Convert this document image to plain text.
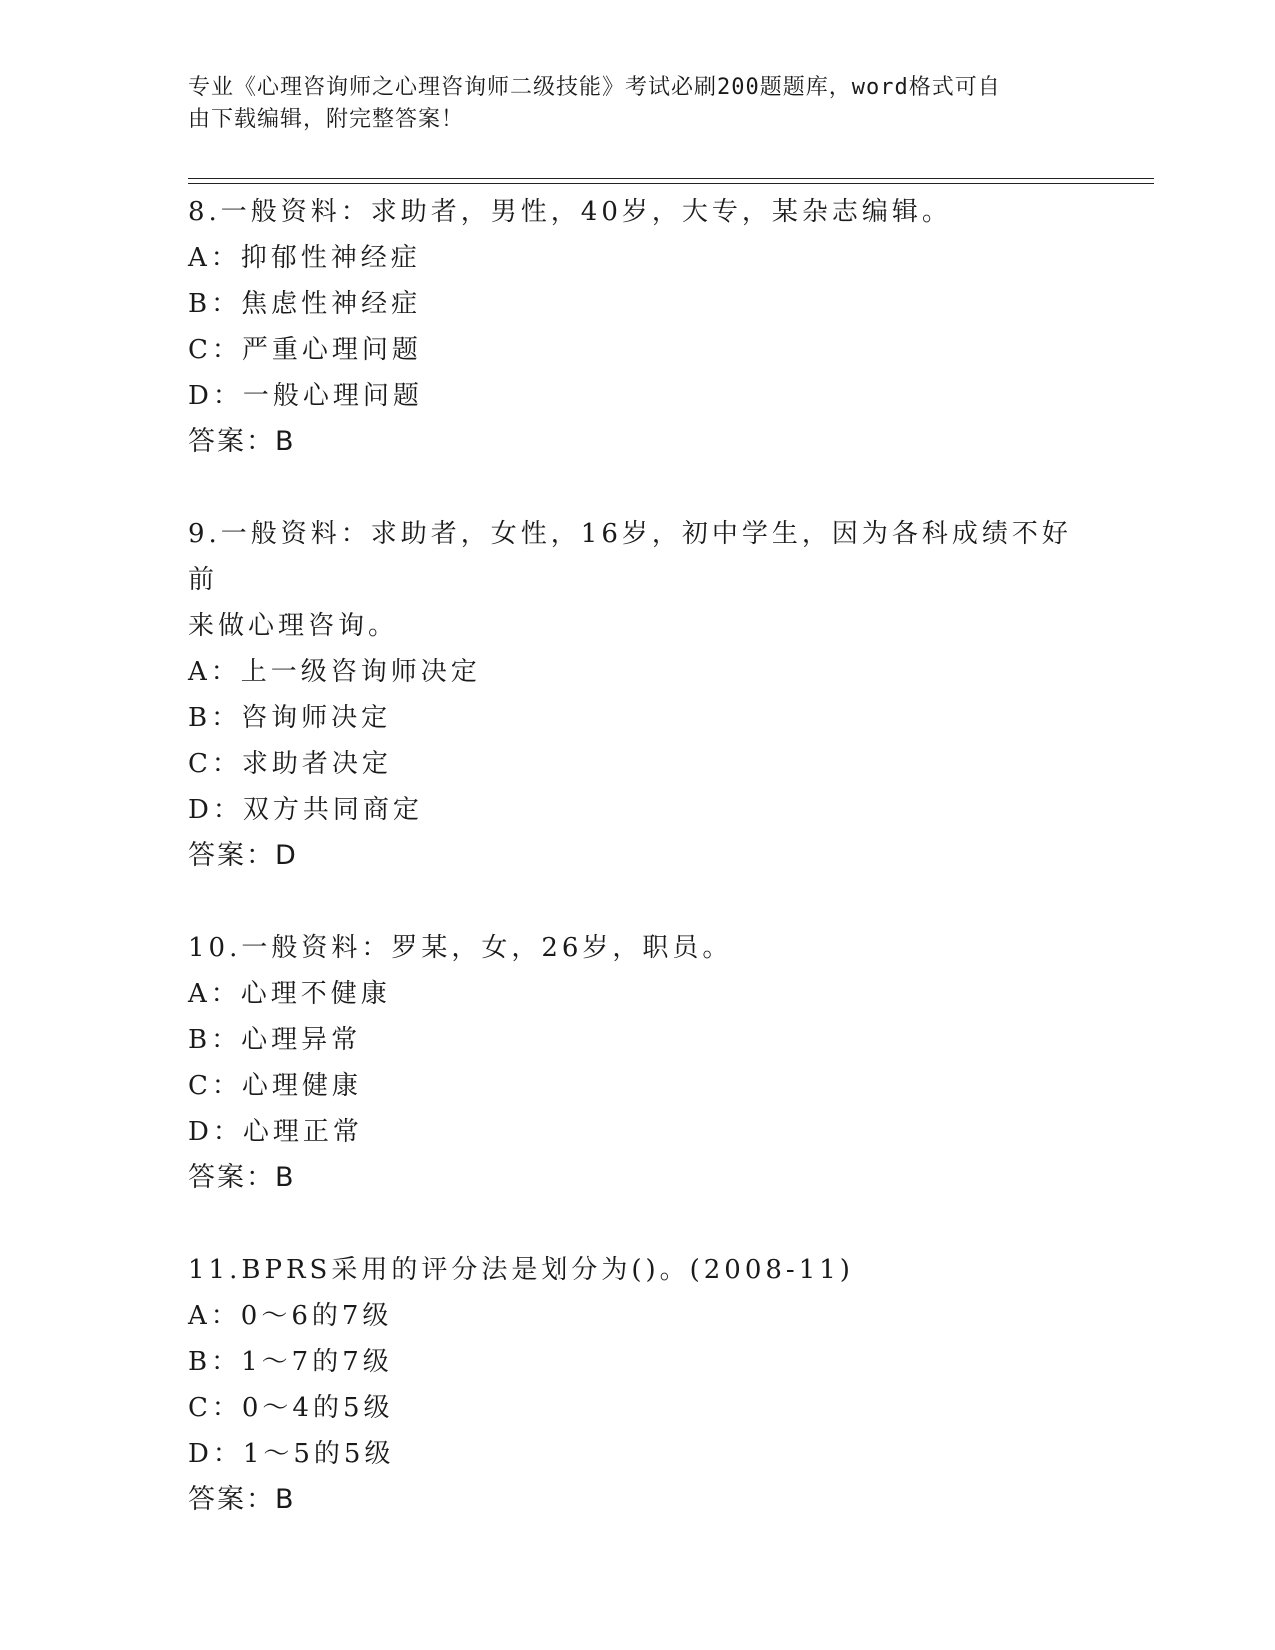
专业《心理咨询师之心理咨询师二级技能》考试必刷200题题库，word格式可自
由下载编辑，附完整答案！

8.一般资料：求助者，男性，40岁，大专，某杂志编辑。

A：抑郁性神经症

B：焦虑性神经症

C：严重心理问题

D：一般心理问题

答案：B

9.一般资料：求助者，女性，16岁，初中学生，因为各科成绩不好前

来做心理咨询。

A：上一级咨询师决定

B：咨询师决定

C：求助者决定

D：双方共同商定

答案：D

10.一般资料：罗某，女，26岁，职员。

A：心理不健康

B：心理异常

C：心理健康

D：心理正常

答案：B

11.BPRS采用的评分法是划分为()。(2008-11)

A：0～6的7级

B：1～7的7级

C：0～4的5级

D：1～5的5级

答案：B
